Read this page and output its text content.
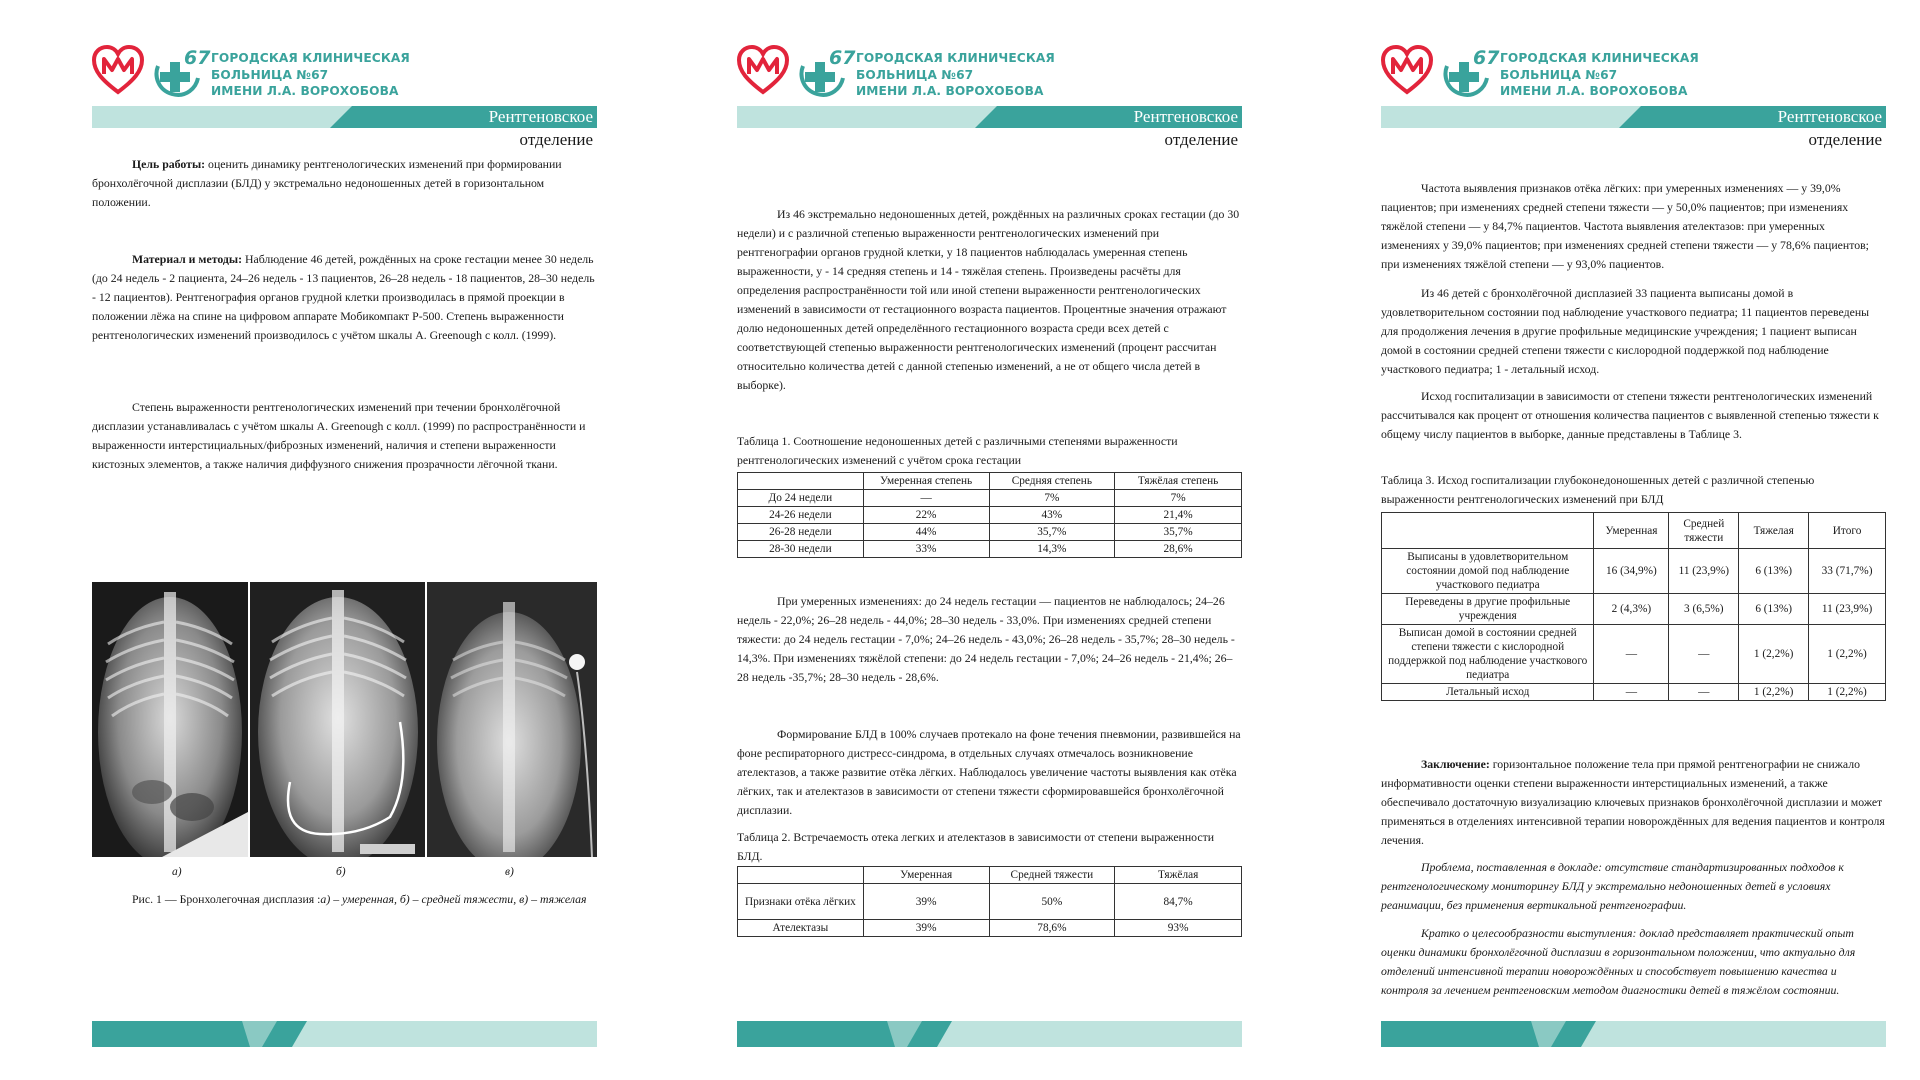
67 ГОРОДСКАЯ КЛИНИЧЕСКАЯ
БОЛЬНИЦА №67
ИМЕНИ Л.А. ВОРОХОБОВА
Рентгеновское
отделение

Цель работы: оценить динамику рентгенологических изменений при формировании бронхолёгочной дисплазии (БЛД) у экстремально недоношенных детей в горизонтальном положении.

Материал и методы: Наблюдение 46 детей, рождённых на сроке гестации менее 30 недель (до 24 недель - 2 пациента, 24–26 недель - 13 пациентов, 26–28 недель - 18 пациентов, 28–30 недель - 12 пациентов). Рентгенография органов грудной клетки производилась в прямой проекции в положении лёжа на спине на цифровом аппарате Мобикомпакт Р-500. Степень выраженности рентгенологических изменений производилось с учётом шкалы A. Greenough с колл. (1999).

Степень выраженности рентгенологических изменений при течении бронхолёгочной дисплазии устанавливалась с учётом шкалы A. Greenough с колл. (1999) по распространённости и выраженности интерстициальных/фиброзных изменений, наличия и степени выраженности кистозных элементов, а также наличия диффузного снижения прозрачности лёгочной ткани.

а)	б)	в)

Рис. 1 — Бронхолегочная дисплазия :а) – умеренная, б) – средней тяжести, в) – тяжелая

67 ГОРОДСКАЯ КЛИНИЧЕСКАЯ
БОЛЬНИЦА №67
ИМЕНИ Л.А. ВОРОХОБОВА
Рентгеновское
отделение

Из 46 экстремально недоношенных детей, рождённых на различных сроках гестации (до 30 недели) и с различной степенью выраженности рентгенологических изменений при рентгенографии органов грудной клетки, у 18 пациентов наблюдалась умеренная степень выраженности, у - 14 средняя степень и 14 - тяжёлая степень. Произведены расчёты для определения распространённости той или иной степени выраженности рентгенологических изменений в зависимости от гестационного возраста пациентов. Процентные значения отражают долю недоношенных детей определённого гестационного возраста среди всех детей с соответствующей степенью выраженности рентгенологических изменений (процент рассчитан относительно количества детей с данной степенью изменений, а не от общего числа детей в выборке).

Таблица 1. Соотношение недоношенных детей с различными степенями выраженности рентгенологических изменений с учётом срока гестации

	Умеренная степень	Средняя степень	Тяжёлая степень
До 24 недели	—	7%	7%
24-26 недели	22%	43%	21,4%
26-28 недели	44%	35,7%	35,7%
28-30 недели	33%	14,3%	28,6%

При умеренных изменениях: до 24 недель гестации — пациентов не наблюдалось; 24–26 недель - 22,0%; 26–28 недель - 44,0%; 28–30 недель - 33,0%. При изменениях средней степени тяжести: до 24 недель гестации - 7,0%; 24–26 недель - 43,0%; 26–28 недель - 35,7%; 28–30 недель - 14,3%. При изменениях тяжёлой степени: до 24 недель гестации - 7,0%; 24–26 недель - 21,4%; 26–28 недель -35,7%; 28–30 недель - 28,6%.

Формирование БЛД в 100% случаев протекало на фоне течения пневмонии, развившейся на фоне респираторного дистресс-синдрома, в отдельных случаях отмечалось возникновение ателектазов, а также развитие отёка лёгких. Наблюдалось увеличение частоты выявления как отёка лёгких, так и ателектазов в зависимости от степени тяжести сформировавшейся бронхолёгочной дисплазии.

Таблица 2. Встречаемость отека легких и ателектазов в зависимости от степени выраженности БЛД.

	Умеренная	Средней тяжести	Тяжёлая
Признаки отёка лёгких	39%	50%	84,7%
Ателектазы	39%	78,6%	93%
67 ГОРОДСКАЯ КЛИНИЧЕСКАЯ
БОЛЬНИЦА №67
ИМЕНИ Л.А. ВОРОХОБОВА
Рентгеновское
отделение

Частота выявления признаков отёка лёгких: при умеренных изменениях — у 39,0% пациентов; при изменениях средней степени тяжести — у 50,0% пациентов; при изменениях тяжёлой степени — у 84,7% пациентов. Частота выявления ателектазов: при умеренных изменениях у 39,0% пациентов; при изменениях средней степени тяжести — у 78,6% пациентов; при изменениях тяжёлой степени — у 93,0% пациентов.

Из 46 детей с бронхолёгочной дисплазией 33 пациента выписаны домой в удовлетворительном состоянии под наблюдение участкового педиатра; 11 пациентов переведены для продолжения лечения в другие профильные медицинские учреждения; 1 пациент выписан домой в состоянии средней степени тяжести с кислородной поддержкой под наблюдение участкового педиатра; 1 - летальный исход.

Исход госпитализации в зависимости от степени тяжести рентгенологических изменений рассчитывался как процент от отношения количества пациентов с выявленной степенью тяжести к общему числу пациентов в выборке, данные представлены в Таблице 3.

Таблица 3. Исход госпитализации глубоконедоношенных детей с различной степенью выраженности рентгенологических изменений при БЛД

	Умеренная	Средней тяжести	Тяжелая	Итого
Выписаны в удовлетворительном состоянии домой под наблюдение участкового педиатра	16 (34,9%)	11 (23,9%)	6 (13%)	33 (71,7%)
Переведены в другие профильные учреждения	2 (4,3%)	3 (6,5%)	6 (13%)	11 (23,9%)
Выписан домой в состоянии средней степени тяжести с кислородной поддержкой под наблюдение участкового педиатра	—	—	1 (2,2%)	1 (2,2%)
Летальный исход	—	—	1 (2,2%)	1 (2,2%)

Заключение: горизонтальное положение тела при прямой рентгенографии не снижало информативности оценки степени выраженности интерстициальных изменений, а также обеспечивало достаточную визуализацию ключевых признаков бронхолёгочной дисплазии и может применяться в отделениях интенсивной терапии новорождённых для ведения пациентов и контроля лечения.

Проблема, поставленная в докладе: отсутствие стандартизированных подходов к рентгенологическому мониторингу БЛД у экстремально недоношенных детей в условиях реанимации, без применения вертикальной рентгенографии.

Кратко о целесообразности выступления: доклад представляет практический опыт оценки динамики бронхолёгочной дисплазии в горизонтальном положении, что актуально для отделений интенсивной терапии новорождённых и способствует повышению качества и контроля за лечением рентгеновским методом диагностики детей в тяжёлом состоянии.
